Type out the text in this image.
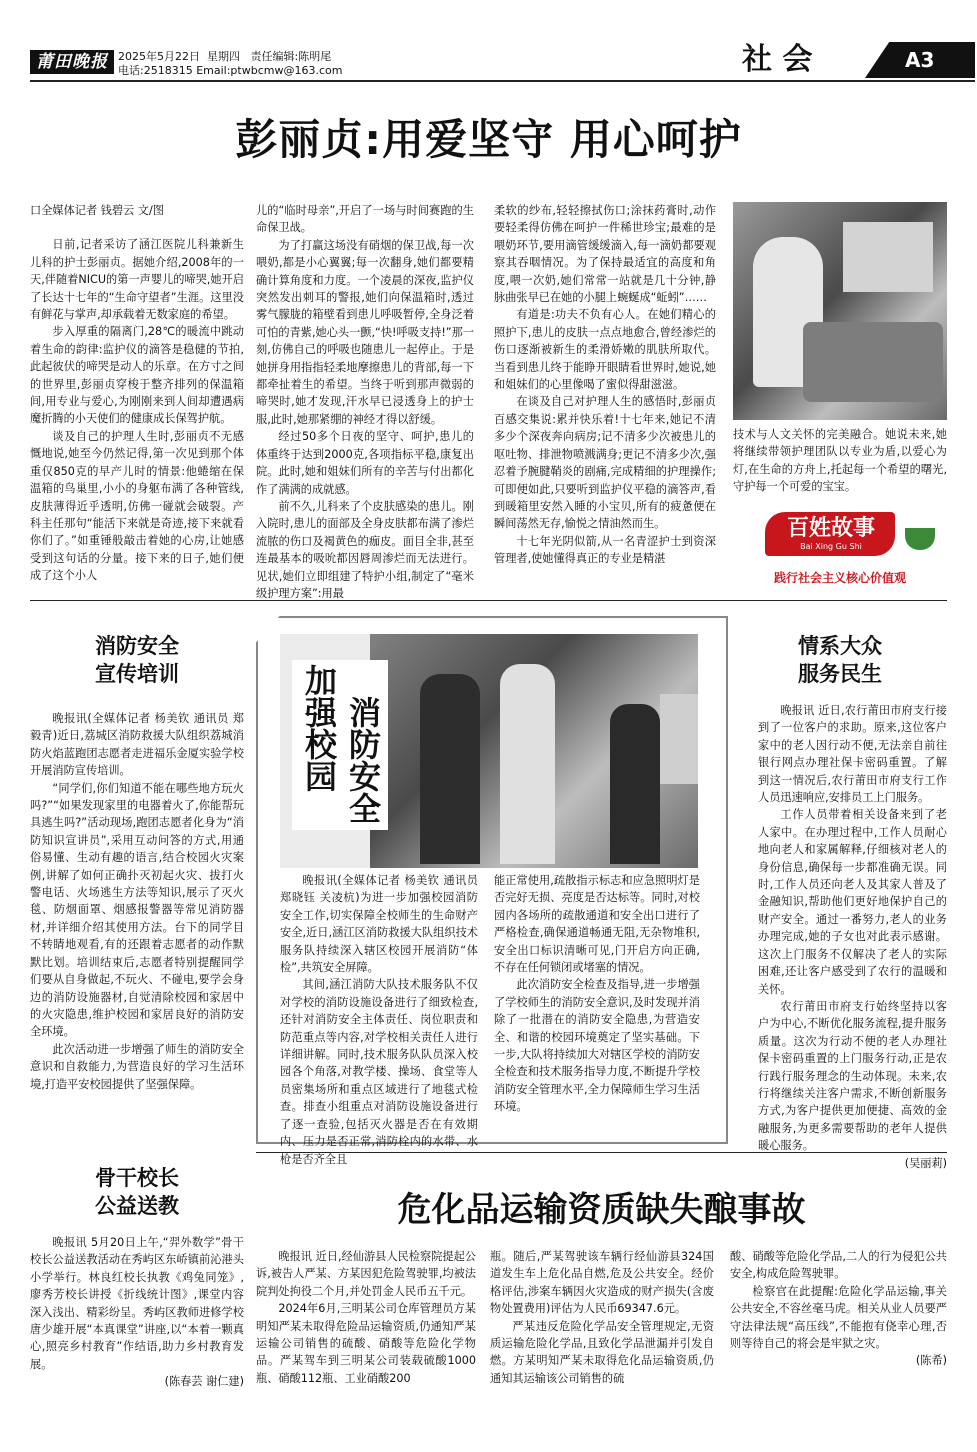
莆田晚报 2025年5月22日 星期四 责任编辑:陈明尾
电话:2518315 Email:ptwbcmw@163.com	社 会	A3
彭丽贞:用爱坚守 用心呵护

口全媒体记者 钱碧云 文/图

日前,记者采访了涵江医院儿科兼新生儿科的护士彭丽贞。据她介绍,2008年的一天,伴随着NICU的第一声婴儿的啼哭,她开启了长达十七年的“生命守望者”生涯。这里没有鲜花与掌声,却承载着无数家庭的希望。

步入厚重的隔离门,28℃的暖流中跳动着生命的韵律:监护仪的滴答是稳健的节拍,此起彼伏的啼哭是动人的乐章。在方寸之间的世界里,彭丽贞穿梭于整齐排列的保温箱间,用专业与爱心,为刚刚来到人间却遭遇病魔折腾的小天使们的健康成长保驾护航。

谈及自己的护理人生时,彭丽贞不无感慨地说,她至今仍然记得,第一次见到那个体重仅850克的早产儿时的情景:他蜷缩在保温箱的鸟巢里,小小的身躯布满了各种管线,皮肤薄得近乎透明,仿佛一碰就会破裂。产科主任那句“能活下来就是奇迹,接下来就看你们了。”如重锤般敲击着她的心房,让她感受到这句话的分量。接下来的日子,她们便成了这个小人

儿的“临时母亲”,开启了一场与时间赛跑的生命保卫战。

为了打赢这场没有硝烟的保卫战,每一次喂奶,都是小心翼翼;每一次翻身,她们都要精确计算角度和力度。一个凌晨的深夜,监护仪突然发出刺耳的警报,她们向保温箱时,透过雾气朦胧的箱壁看到患儿呼吸暂停,全身泛着可怕的青紫,她心头一颤,“快!呼吸支持!”那一刻,仿佛自己的呼吸也随患儿一起停止。于是她拼身用指指轻柔地摩擦患儿的背部,每一下都牵扯着生的希望。当终于听到那声微弱的啼哭时,她才发现,汗水早已浸透身上的护士服,此时,她那紧绷的神经才得以舒缓。

经过50多个日夜的坚守、呵护,患儿的体重终于达到2000克,各项指标平稳,康复出院。此时,她和姐妹们所有的辛苦与付出都化作了满满的成就感。

前不久,儿科来了个皮肤感染的患儿。刚入院时,患儿的面部及全身皮肤都布满了渗烂流脓的伤口及褐黄色的痂皮。面目全非,甚至连最基本的吸吮都因唇周渗烂而无法进行。见状,她们立即组建了特护小组,制定了“毫米级护理方案”:用最

柔软的纱布,轻轻擦拭伤口;涂抹药膏时,动作要轻柔得仿佛在呵护一件稀世珍宝;最难的是喂奶环节,要用滴管缓缓滴入,每一滴奶都要观察其吞咽情况。为了保持最适宜的高度和角度,喂一次奶,她们常常一站就是几十分钟,静脉曲张早已在她的小腿上蜿蜒成“蚯蚓”……

有道是:功夫不负有心人。在她们精心的照护下,患儿的皮肤一点点地愈合,曾经渗烂的伤口逐渐被新生的柔滑娇嫩的肌肤所取代。当看到患儿终于能睁开眼睛看世界时,她说,她和姐妹们的心里像喝了蜜似得甜滋滋。

在谈及自己对护理人生的感悟时,彭丽贞百感交集说:累并快乐着!十七年来,她记不清多少个深夜奔向病房;记不清多少次被患儿的呕吐物、排泄物喷溅满身;更记不清多少次,强忍着予腕腱鞘炎的剧痛,完成精细的护理操作;可即便如此,只要听到监护仪平稳的滴答声,看到暖箱里安然入睡的小宝贝,所有的疲惫便在瞬间荡然无存,愉悦之情油然而生。

十七年光阴似箭,从一名青涩护士到资深管理者,使她懂得真正的专业是精湛

技术与人文关怀的完美融合。她说未来,她将继续带领护理团队以专业为盾,以爱心为灯,在生命的方舟上,托起每一个希望的曙光,守护每一个可爱的宝宝。

百姓故事
Bai Xing Gu Shi
践行社会主义核心价值观
消防安全
宣传培训

晚报讯(全媒体记者 杨美钦 通讯员 郑毅青)近日,荔城区消防救援大队组织荔城消防火焰蓝跑团志愿者走进福乐金厦实验学校开展消防宣传培训。

“同学们,你们知道不能在哪些地方玩火吗?”“如果发现家里的电器着火了,你能帮玩具逃生吗?”活动现场,跑团志愿者化身为“消防知识宣讲员”,采用互动问答的方式,用通俗易懂、生动有趣的语言,结合校园火灾案例,讲解了如何正确扑灭初起火灾、拔打火警电话、火场逃生方法等知识,展示了灭火毯、防烟面罩、烟感报警器等常见消防器材,并详细介绍其使用方法。台下的同学目不转睛地观看,有的还跟着志愿者的动作默默比划。培训结束后,志愿者特别提醒同学们要从自身做起,不玩火、不碰电,要学会身边的消防设施器材,自觉清除校园和家居中的火灾隐患,维护校园和家居良好的消防安全环境。

此次活动进一步增强了师生的消防安全意识和自救能力,为营造良好的学习生活环境,打造平安校园提供了坚强保障。

加强校园 消防安全

晚报讯(全媒体记者 杨美钦 通讯员 郑晓钰 关凌杭)为进一步加强校园消防安全工作,切实保障全校师生的生命财产安全,近日,涵江区消防救援大队组织技术服务队持续深入辖区校园开展消防“体检”,共筑安全屏障。

其间,涵江消防大队技术服务队不仅对学校的消防设施设备进行了细致检查,还针对消防安全主体责任、岗位职责和防范重点等内容,对学校相关责任人进行详细讲解。同时,技术服务队队员深入校园各个角落,对教学楼、操场、食堂等人员密集场所和重点区域进行了地毯式检查。排查小组重点对消防设施设备进行了逐一查验,包括灭火器是否在有效期内、压力是否正常,消防栓内的水带、水枪是否齐全且

能正常使用,疏散指示标志和应急照明灯是否完好无损、亮度是否达标等。同时,对校园内各场所的疏散通道和安全出口进行了严格检查,确保通道畅通无阻,无杂物堆积,安全出口标识清晰可见,门开启方向正确,不存在任何锁闭或堵塞的情况。

此次消防安全检查及指导,进一步增强了学校师生的消防安全意识,及时发现并消除了一批潜在的消防安全隐患,为营造安全、和谐的校园环境奠定了坚实基础。下一步,大队将持续加大对辖区学校的消防安全检查和技术服务指导力度,不断提升学校消防安全管理水平,全力保障师生学习生活环境。

情系大众
服务民生

晚报讯 近日,农行莆田市府支行接到了一位客户的求助。原来,这位客户家中的老人因行动不便,无法亲自前往银行网点办理社保卡密码重置。了解到这一情况后,农行莆田市府支行工作人员迅速响应,安排员工上门服务。

工作人员带着相关设备来到了老人家中。在办理过程中,工作人员耐心地向老人和家属解释,仔细核对老人的身份信息,确保每一步都准确无误。同时,工作人员还向老人及其家人普及了金融知识,帮助他们更好地保护自己的财产安全。通过一番努力,老人的业务办理完成,她的子女也对此表示感谢。这次上门服务不仅解决了老人的实际困难,还让客户感受到了农行的温暖和关怀。

农行莆田市府支行始终坚持以客户为中心,不断优化服务流程,提升服务质量。这次为行动不便的老人办理社保卡密码重置的上门服务行动,正是农行践行服务理念的生动体现。未来,农行将继续关注客户需求,不断创新服务方式,为客户提供更加便捷、高效的金融服务,为更多需要帮助的老年人提供暖心服务。

(吴丽莉)
骨干校长
公益送教

晚报讯 5月20日上午,“羿外数学”骨干校长公益送教活动在秀屿区东峤镇前沁港头小学举行。林良红校长执教《鸡兔同笼》,廖秀芳校长讲授《折线统计图》,课堂内容深入浅出、精彩纷呈。秀屿区教师进修学校唐少雄开展“本真课堂”讲座,以“本着一颗真心,照亮乡村教育”作结语,助力乡村教育发展。

(陈春芸 谢仁建)
危化品运输资质缺失酿事故

晚报讯 近日,经仙游县人民检察院提起公诉,被告人严某、方某因犯危险驾驶罪,均被法院判处拘役二个月,并处罚金人民币五千元。

2024年6月,三明某公司仓库管理员方某明知严某未取得危险品运输资质,仍通知严某运输公司销售的硫酸、硝酸等危险化学物品。严某驾车到三明某公司装载硫酸1000瓶、硝酸112瓶、工业硝酸200

瓶。随后,严某驾驶该车辆行经仙游县324国道发生车上危化品自燃,危及公共安全。经价格评估,涉案车辆因火灾造成的财产损失(含废物处置费用)评估为人民币69347.6元。

严某违反危险化学品安全管理规定,无资质运输危险化学品,且致化学品泄漏并引发自燃。方某明知严某未取得危化品运输资质,仍通知其运输该公司销售的硫

酸、硝酸等危险化学品,二人的行为侵犯公共安全,构成危险驾驶罪。

检察官在此提醒:危险化学品运输,事关公共安全,不容丝毫马虎。相关从业人员要严守法律法规“高压线”,不能抱有侥幸心理,否则等待自己的将会是牢狱之灾。

(陈希)
